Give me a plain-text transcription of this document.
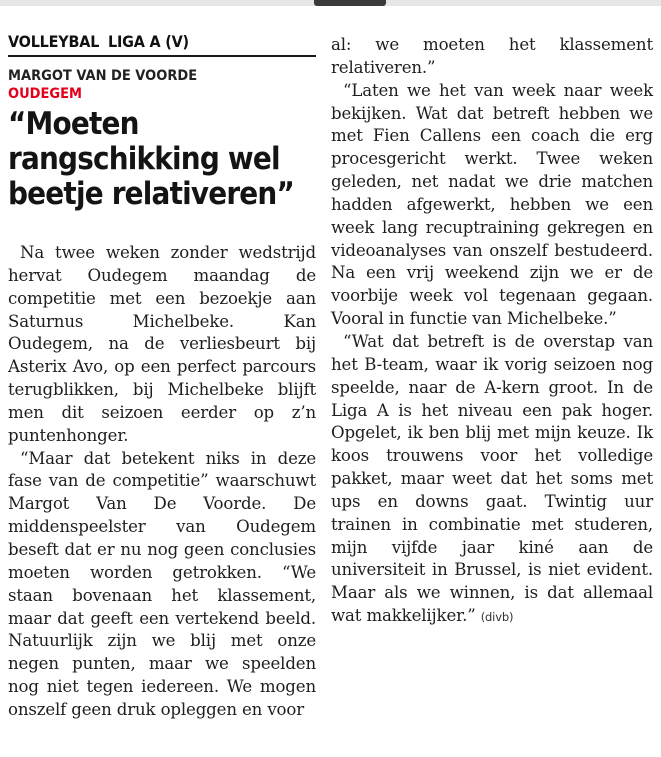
VOLLEYBAL LIGA A (V)
MARGOT VAN DE VOORDE
OUDEGEM
“Moeten rangschikking wel beetje relativeren”

Na twee weken zonder wedstrijd hervat Oudegem maandag de competitie met een bezoekje aan Saturnus Michelbeke. Kan Oudegem, na de verliesbeurt bij Asterix Avo, op een perfect parcours terugblikken, bij Michelbeke blijft men dit seizoen eerder op z’n puntenhonger.

“Maar dat betekent niks in deze fase van de competitie” waarschuwt Margot Van De Voorde. De middenspeelster van Oudegem beseft dat er nu nog geen conclusies moeten worden getrokken. “We staan bovenaan het klassement, maar dat geeft een vertekend beeld. Natuurlijk zijn we blij met onze negen punten, maar we speelden nog niet tegen iedereen. We mogen onszelf geen druk opleggen en voor

al: we moeten het klassement relativeren.”

“Laten we het van week naar week bekijken. Wat dat betreft hebben we met Fien Callens een coach die erg procesgericht werkt. Twee weken geleden, net nadat we drie matchen hadden afgewerkt, hebben we een week lang recuptraining gekregen en videoanalyses van onszelf bestudeerd. Na een vrij weekend zijn we er de voorbije week vol tegenaan gegaan. Vooral in functie van Michelbeke.”

“Wat dat betreft is de overstap van het B-team, waar ik vorig seizoen nog speelde, naar de A-kern groot. In de Liga A is het niveau een pak hoger. Opgelet, ik ben blij met mijn keuze. Ik koos trouwens voor het volledige pakket, maar weet dat het soms met ups en downs gaat. Twintig uur trainen in combinatie met studeren, mijn vijfde jaar kiné aan de universiteit in Brussel, is niet evident. Maar als we winnen, is dat allemaal wat makkelijker.” (divb)
